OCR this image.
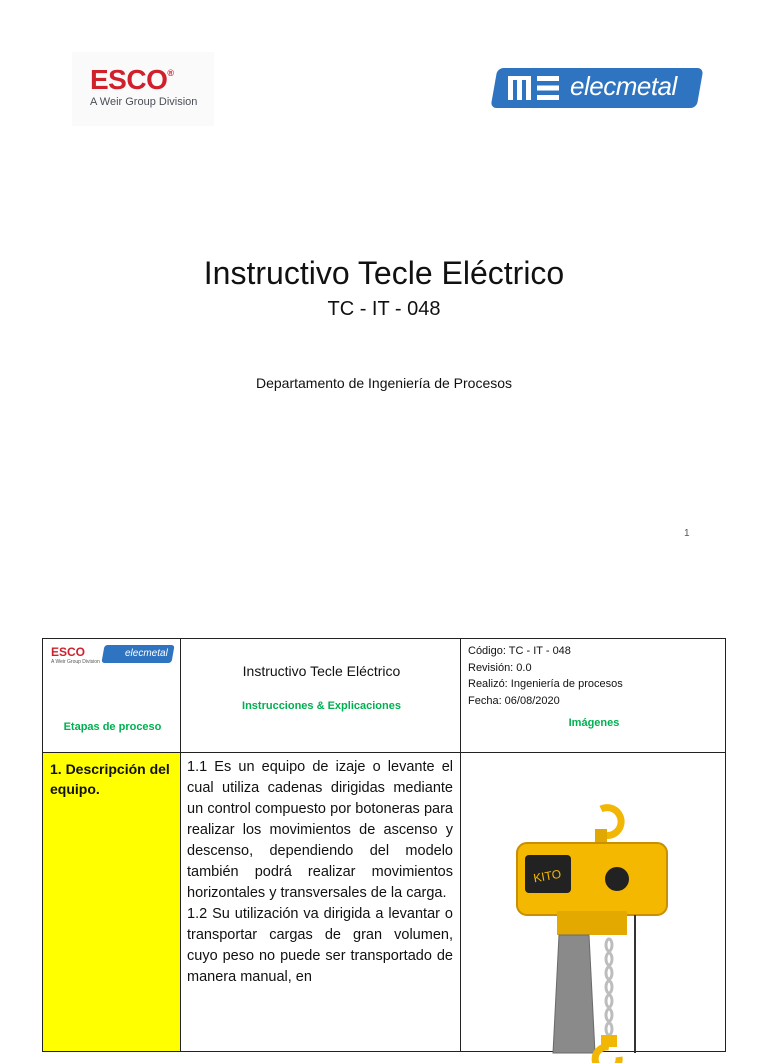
ESCO®
A Weir Group Division
elecmetal
Instructivo Tecle Eléctrico
TC - IT - 048
Departamento de Ingeniería de Procesos
1
ESCO
A Weir Group Division
elecmetal
Etapas de proceso
Instructivo Tecle Eléctrico
Instrucciones & Explicaciones
Código: TC - IT - 048
Revisión: 0.0
Realizó: Ingeniería de procesos
Fecha: 06/08/2020
Imágenes
1. Descripción del equipo.

1.1 Es un equipo de izaje o levante el cual utiliza cadenas dirigidas mediante un control compuesto por botoneras para realizar los movimientos de ascenso y descenso, dependiendo del modelo también podrá realizar movimientos horizontales y transversales de la carga.

1.2 Su utilización va dirigida a levantar o transportar cargas de gran volumen, cuyo peso no puede ser transportado de manera manual, en

KITO
